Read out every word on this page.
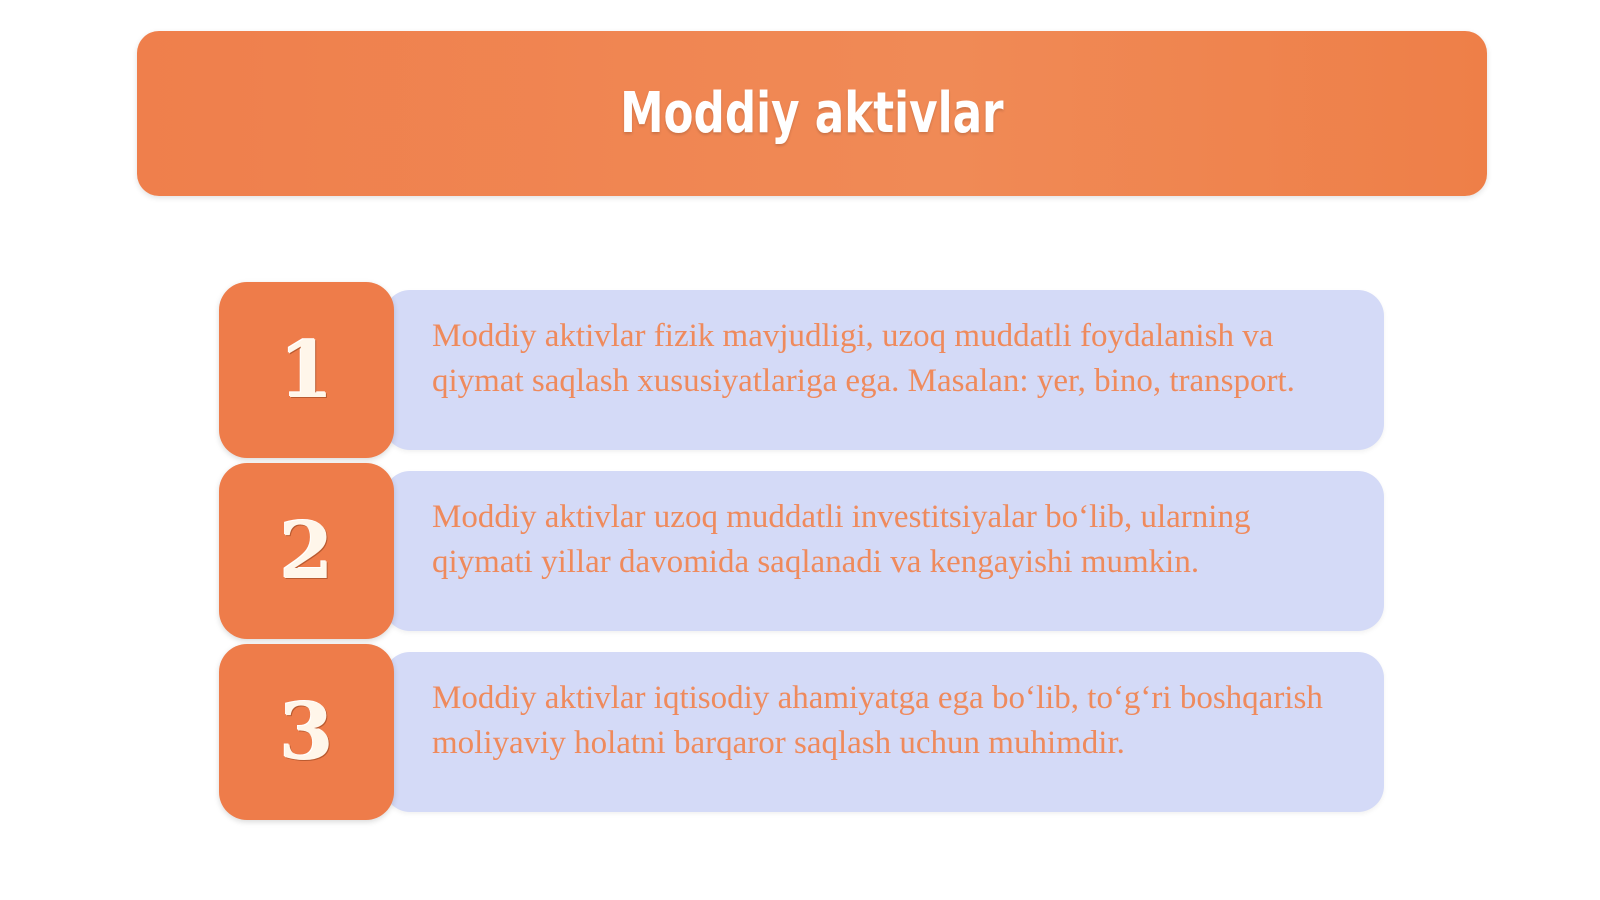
Moddiy aktivlar
Moddiy aktivlar fizik mavjudligi, uzoq muddatli foydalanish va qiymat saqlash xususiyatlariga ega. Masalan: yer, bino, transport.
1
Moddiy aktivlar uzoq muddatli investitsiyalar bo‘lib, ularning qiymati yillar davomida saqlanadi va kengayishi mumkin.
2
Moddiy aktivlar iqtisodiy ahamiyatga ega bo‘lib, to‘g‘ri boshqarish moliyaviy holatni barqaror saqlash uchun muhimdir.
3
